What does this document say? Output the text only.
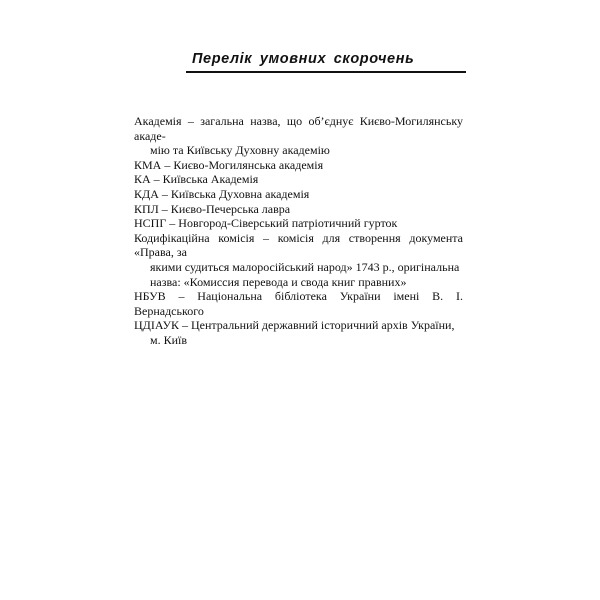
Перелік умовних скорочень

Академія – загальна назва, що об’єднує Києво-Могилянську акаде-
мію та Київську Духовну академію

КМА – Києво-Могилянська академія

КА – Київська Академія

КДА – Київська Духовна академія

КПЛ – Києво-Печерська лавра

НСПГ – Новгород-Сіверський патріотичний гурток

Кодифікаційна комісія – комісія для створення документа «Права, за
якими судиться малоросійський народ» 1743 р., оригінальна
назва: «Комиссия перевода и свода книг правних»

НБУВ – Національна бібліотека України імені В. І. Вернадського

ЦДІАУК – Центральний державний історичний архів України,
м. Київ
